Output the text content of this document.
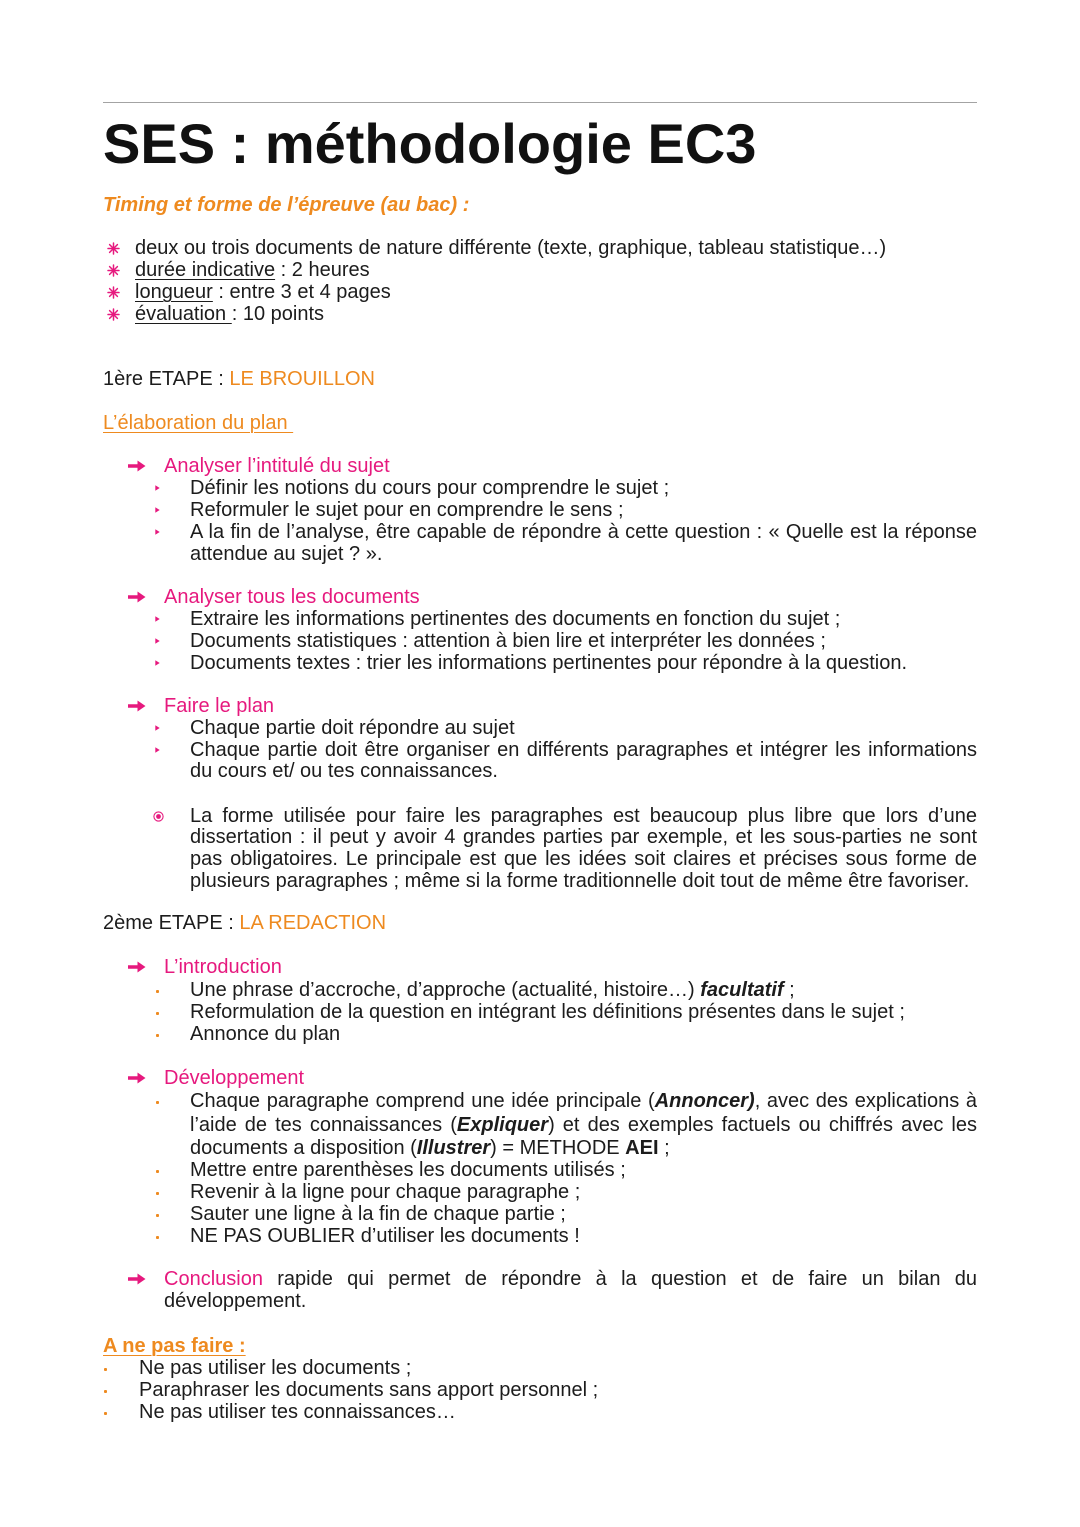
SES : méthodologie EC3
Timing et forme de l’épreuve (au bac) :
deux ou trois documents de nature différente (texte, graphique, tableau statistique…)
durée indicative : 2 heures
longueur : entre 3 et 4 pages
évaluation : 10 points
1ère ETAPE : LE BROUILLON
L’élaboration du plan
Analyser l’intitulé du sujet
Définir les notions du cours pour comprendre le sujet ;
Reformuler le sujet pour en comprendre le sens ;
A la fin de l’analyse, être capable de répondre à cette question : « Quelle est la réponse
attendue au sujet ? ».
Analyser tous les documents
Extraire les informations pertinentes des documents en fonction du sujet ;
Documents statistiques : attention à bien lire et interpréter les données ;
Documents textes : trier les informations pertinentes pour répondre à la question.
Faire le plan
Chaque partie doit répondre au sujet
Chaque partie doit être organiser en différents paragraphes et intégrer les informations
du cours et/ ou tes connaissances.
La forme utilisée pour faire les paragraphes est beaucoup plus libre que lors d’une
dissertation : il peut y avoir 4 grandes parties par exemple, et les sous-parties ne sont
pas obligatoires. Le principale est que les idées soit claires et précises sous forme de
plusieurs paragraphes ; même si la forme traditionnelle doit tout de même être favoriser.
2ème ETAPE : LA REDACTION
L’introduction
Une phrase d’accroche, d’approche (actualité, histoire…) facultatif ;
Reformulation de la question en intégrant les définitions présentes dans le sujet ;
Annonce du plan
Développement
Chaque paragraphe comprend une idée principale (Annoncer), avec des explications à
l’aide de tes connaissances (Expliquer) et des exemples factuels ou chiffrés avec les
documents a disposition (Illustrer) = METHODE AEI ;
Mettre entre parenthèses les documents utilisés ;
Revenir à la ligne pour chaque paragraphe ;
Sauter une ligne à la fin de chaque partie ;
NE PAS OUBLIER d’utiliser les documents !
Conclusion rapide qui permet de répondre à la question et de faire un bilan du
développement.
A ne pas faire :
Ne pas utiliser les documents ;
Paraphraser les documents sans apport personnel ;
Ne pas utiliser tes connaissances…
